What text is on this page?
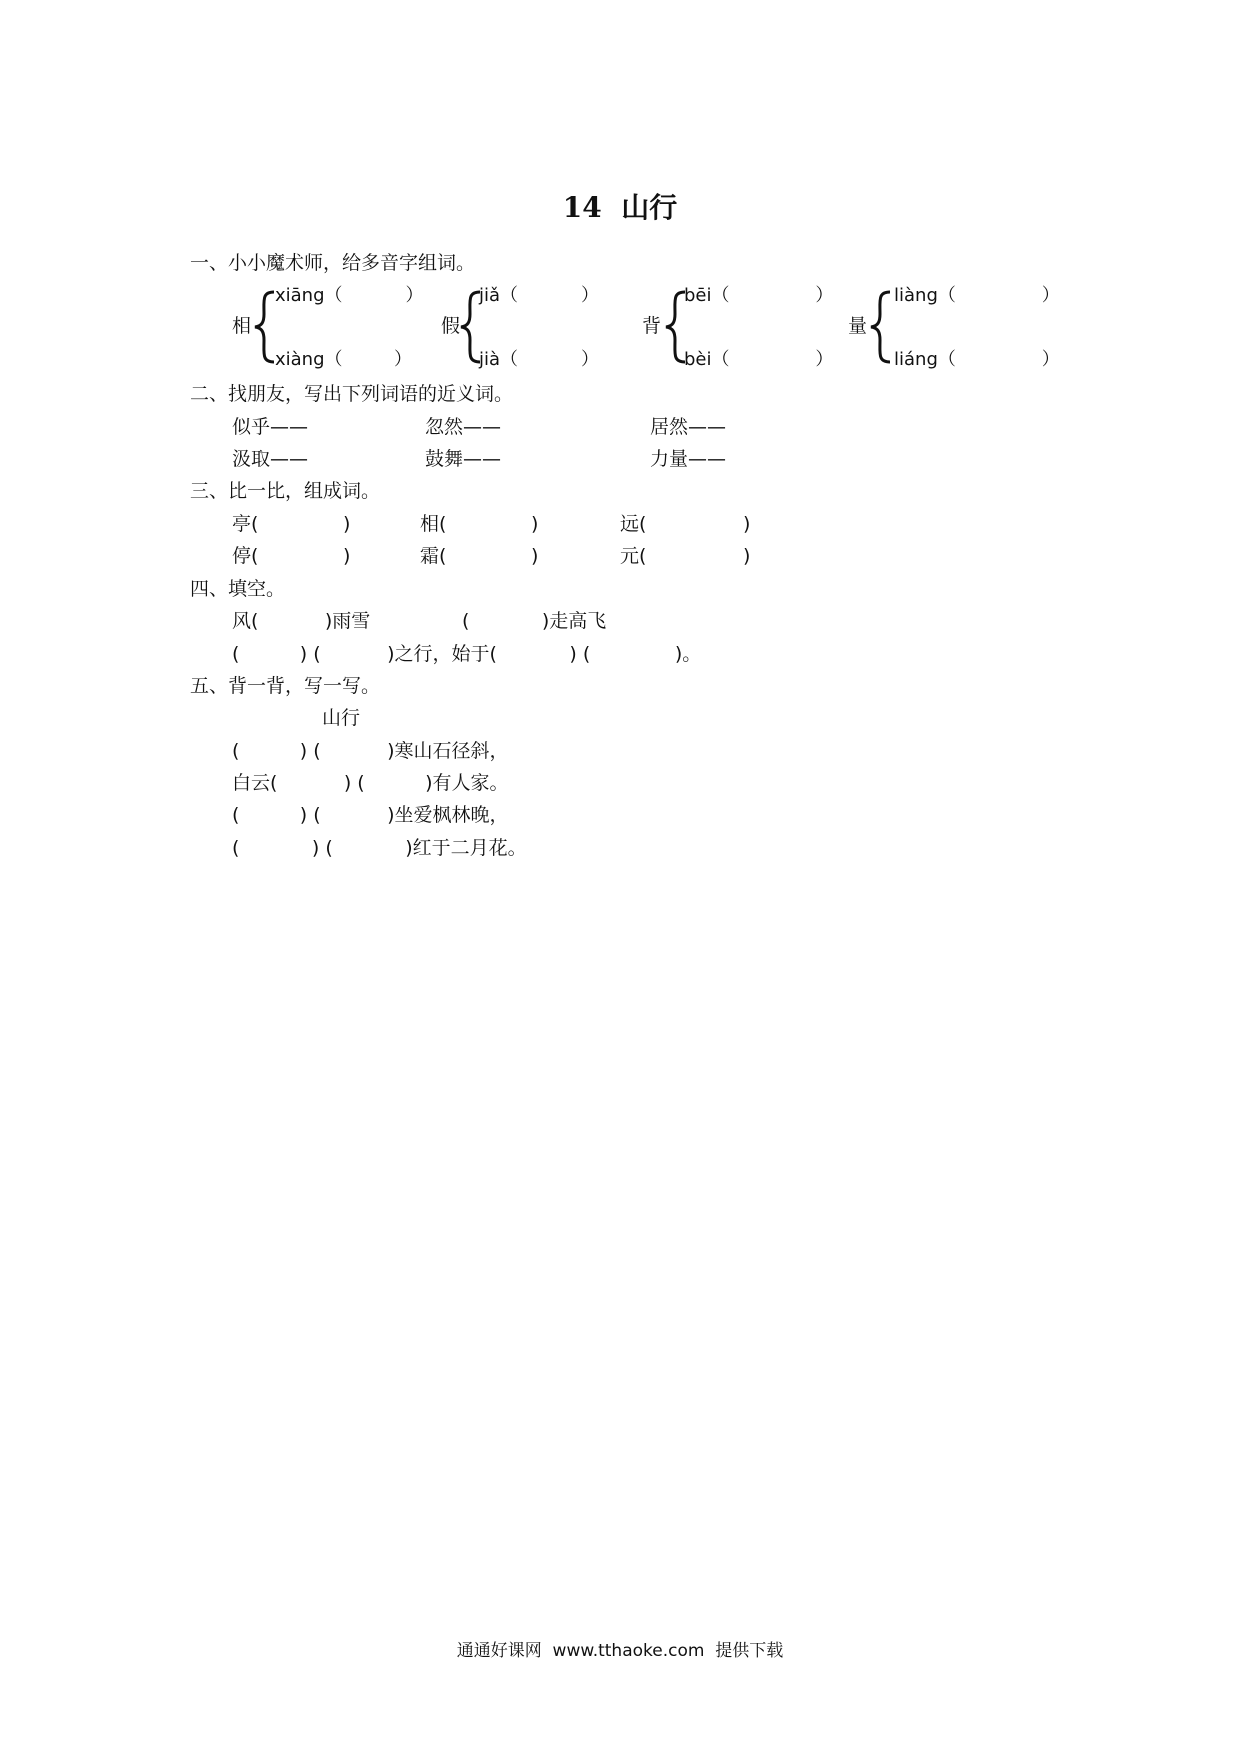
14  山行
一、小小魔术师，给多音字组词。
相
xiāng（           ）
xiàng（         ）
假
jiǎ（           ）
jià（           ）
背
bēi（               ）
bèi（               ）
量
liàng（               ）
liáng（               ）
二、找朋友，写出下列词语的近义词。
似乎——	忽然——	居然——
汲取——	鼓舞——	力量——
三、比一比，组成词。
亭(              )	相(              )	远(                )
停(              )	霜(              )	元(                )
四、填空。
风(           )雨雪	(            )走高飞
(          ) (           )之行，始于(            ) (              )。
五、背一背，写一写。
山行
(          ) (           )寒山石径斜，
白云(           ) (          )有人家。
(          ) (           )坐爱枫林晚，
(            ) (            )红于二月花。
通通好课网  www.tthaoke.com  提供下载
